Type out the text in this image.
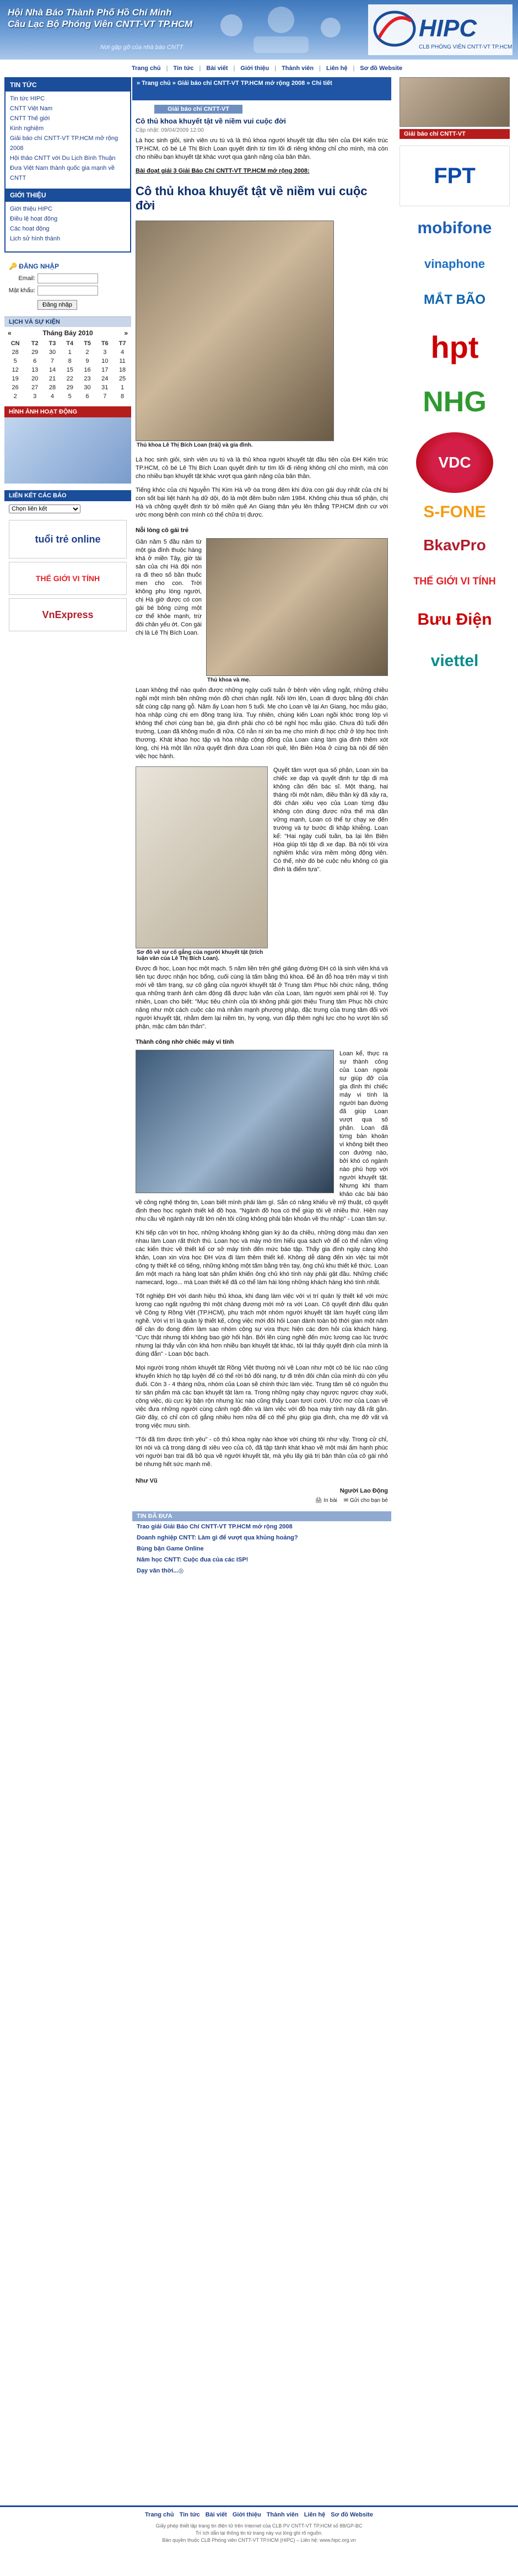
Hội Nhà Báo Thành Phố Hồ Chí Minh
Câu Lạc Bộ Phóng Viên CNTT-VT TP.HCM
Nơi gặp gỡ của nhà báo CNTT
HIPC
CLB PHÓNG VIÊN CNTT-VT TP.HCM
Trang chủ | Tin tức | Bài viết | Giới thiệu | Thành viên | Liên hệ | Sơ đồ Website
TIN TỨC
Tin tức HIPC
CNTT Việt Nam
CNTT Thế giới
Kinh nghiệm
Giải báo chí CNTT-VT TP.HCM mở rộng 2008
Hội thảo CNTT với Du Lịch Bình Thuận
Đưa Việt Nam thành quốc gia mạnh về CNTT
GIỚI THIỆU
Giới thiệu HIPC
Điều lệ hoạt động
Các hoạt động
Lịch sử hình thành
🔑 ĐĂNG NHẬP
Email:
Mật khẩu:
Đăng nhập
LỊCH VÀ SỰ KIỆN
«	Tháng Bảy 2010	»
CN	T2	T3	T4	T5	T6	T7
28	29	30	1	2	3	4
5	6	7	8	9	10	11
12	13	14	15	16	17	18
19	20	21	22	23	24	25
26	27	28	29	30	31	1
2	3	4	5	6	7	8
HÌNH ẢNH HOẠT ĐỘNG
LIÊN KẾT CÁC BÁO
Chọn liên kết
tuổi trẻ online
THẾ GIỚI VI TÍNH
VnExpress
» Trang chủ » Giải báo chí CNTT-VT TP.HCM mở rộng 2008 » Chi tiết
Giải báo chí CNTT-VT
Cô thủ khoa khuyết tật về niềm vui cuộc đời
Cập nhật: 09/04/2009 12:00

Là học sinh giỏi, sinh viên ưu tú và là thủ khoa người khuyết tật đầu tiên của ĐH Kiến trúc TP.HCM, cô bé Lê Thị Bích Loan quyết định từ tìm lối đi riêng không chỉ cho mình, mà còn cho nhiều bạn khuyết tật khác vượt qua gánh nặng của bản thân.

Bài đoạt giải 3 Giải Báo Chí CNTT-VT TP.HCM mở rộng 2008:

Cô thủ khoa khuyết tật về niềm vui cuộc đời
Thủ khoa Lê Thị Bích Loan (trái) và gia đình.

Là học sinh giỏi, sinh viên ưu tú và là thủ khoa người khuyết tật đầu tiên của ĐH Kiến trúc TP.HCM, cô bé Lê Thị Bích Loan quyết định tự tìm lối đi riêng không chỉ cho mình, mà còn cho nhiều bạn khuyết tật khác vượt qua gánh nặng của bản thân.

Tiếng khóc của chị Nguyễn Thị Kim Hà vỡ òa trong đêm khi đứa con gái duy nhất của chị bị con sốt bại liệt hành hạ dữ dội, đó là một đêm buồn năm 1984. Không chịu thua số phận, chị Hà và chồng quyết định từ bỏ miền quê An Giang thân yêu lên thẳng TP.HCM định cư với ước mong bệnh con mình có thể chữa trị được.

Nỗi lòng cô gái trẻ
Thủ khoa và mẹ.

Gần năm 5 đầu năm từ một gia đình thuộc hàng khá ở miền Tây, giờ tài sản của chị Hà đội nón ra đi theo số bần thuốc men cho con. Trời không phụ lòng người, chị Hà giờ được có con gái bé bỏng cứng một cơ thể khỏe mạnh, trừ đôi chân yếu ớt. Con gái chị là Lê Thị Bích Loan.

Loan không thể nào quên được những ngày cuối tuần ở bệnh viện vắng ngắt, những chiều ngồi một mình bên những món đồ chơi chán ngắt. Nỗi lớn lên, Loan đi được bằng đôi chân sắt cùng cặp nạng gỗ. Năm ấy Loan hơn 5 tuổi. Mẹ cho Loan về lại An Giang, học mẫu giáo, hòa nhập cùng chị em đồng trang lứa. Tuy nhiên, chúng kiến Loan ngồi khóc trong lớp vì không thể chơi cùng bạn bè, gia đình phải cho cô bé nghỉ học mẫu giáo. Chưa đủ tuổi đến trường, Loan đã không muốn đi nữa. Cô nằn nì xin ba mẹ cho mình đi học chữ ở lớp học tình thương. Khát khao học tập và hòa nhập cộng đồng của Loan càng làm gia đình thêm xót lòng, chị Hà một lần nữa quyết định đưa Loan rời quê, lên Biên Hòa ở cùng bà nội để tiện việc học hành.

Sơ đồ về sự cố gắng của người khuyết tật (trích luận văn của Lê Thị Bích Loan).

Quyết tâm vượt qua số phận, Loan xin ba chiếc xe đạp và quyết định tự tập đi mà không cần đến bác sĩ. Một tháng, hai tháng rồi một năm, điều thần kỳ đã xảy ra, đôi chân xiêu vẹo của Loan từng đậu không còn dùng được nữa thế mà dần vững mạnh, Loan có thể tự chạy xe đến trường và tự bước đi khập khiễng. Loan kể: "Hai ngày cuối tuần, ba lại lên Biên Hòa giúp tôi tập đi xe đạp. Bà nội tôi vừa nghiêm khắc vừa mềm mỏng động viên. Có thể, nhờ đó bé cuộc nếu không có gia đình là điểm tựa".

Được đi học, Loan học một mạch. 5 năm liền trên ghế giảng đường ĐH có là sinh viên khá và liên tục được nhận học bổng, cuối cùng là tấm bằng thủ khoa. Để ăn đỗ hoạ trên máy vi tính mới về tâm trạng, sự cô gắng của người khuyết tật ở Trung tâm Phục hồi chức năng, thống qua những tranh ảnh cảm động đã được luận văn của Loan, làm người xem phải rơi lệ. Tuy nhiên, Loan cho biết: "Mục tiêu chính của tôi không phải giới thiệu Trung tâm Phục hồi chức năng như một cách cuộc cảo mà nhằm mạnh phương pháp, đặc trưng của trung tâm đối với người khuyết tật, nhằm đem lại niềm tin, hy vọng, vun đắp thêm nghị lực cho họ vượt lên số phận, mặc cảm bản thân".

Thành công nhờ chiếc máy vi tính

Loan kể, thực ra sự thành công của Loan ngoài sự giúp đỡ của gia đình thì chiếc máy vi tính là người bạn đường đã giúp Loan vượt qua số phận. Loan đã từng bàn khoản vì không biết theo con đường nào, bởi khó có ngành nào phù hợp với người khuyết tật. Nhưng khi tham khảo các bài báo về công nghệ thông tin, Loan biết mình phải làm gì. Sẵn có năng khiếu về mỹ thuật, cô quyết định theo học ngành thiết kế đồ họa. "Ngành đồ họa có thể giúp tôi về nhiều thứ. Hiện nay nhu cầu về ngành này rất lớn nên tôi cũng không phải bận khoản về thu nhập" - Loan tâm sự.

Khi tiếp cận với tin học, những khoảng không gian kỳ ảo đa chiều, những dòng màu đan xen nhau làm Loan rất thích thú. Loan học và mày mò tìm hiểu qua sách vở để có thể nắm vững các kiến thức về thiết kế cơ sở máy tính đến mức báo tập. Thấy gia đình ngày càng khó khăn, Loan xin vừa học ĐH vừa đi làm thêm thiết kế. Không dễ dàng đến xin việc tại một công ty thiết kế có tiếng, những không một tấm bằng trên tay, ông chủ khu thiết kế thức. Loan ấm một mạch ra hàng loạt sản phẩm khiến ông chủ khó tính này phải gật đầu. Những chiếc namecard, logo... mà Loan thiết kế đã có thể làm hài lòng những khách hàng khó tính nhất.

Tốt nghiệp ĐH với danh hiệu thủ khoa, khi đang làm việc với vị trí quản lý thiết kế với mức lương cao ngất ngưởng thì một chàng đương mới mở ra với Loan. Cô quyết định đầu quân về Công ty Rồng Việt (TP.HCM), phụ trách một nhóm người khuyết tật làm huyết cùng lắm nghề. Với vị trí là quản lý thiết kế, công việc mới đôi hỏi Loan dành toàn bộ thời gian một năm để cân đo đong đếm làm sao nhóm cộng sự vừa thực hiện các đơn hỏi của khách hàng. "Cực thật nhưng tôi không bao giờ hối hận. Bởi lẽn cùng nghề đến mức lương cao lúc trước nhưng lại thấy vẫn còn khá hơn nhiều bạn khuyết tật khác, tôi lại thấy quyết định của mình là đúng đắn" - Loan bộc bạch.

Mọi người trong nhóm khuyết tật Rồng Việt thường nói về Loan như một cô bé lúc nào cũng khuyến khích họ tập luyện để có thể rời bỏ đôi nạng, tự đi trên đôi chân của mình dù còn yếu đuối. Còn 3 - 4 tháng nữa, nhóm của Loan sẽ chính thức làm việc. Trung tâm sẽ có nguồn thu từ sản phẩm mà các bạn khuyết tật làm ra. Trong những ngày chạy ngược ngược chạy xuôi, công việc, dù cực kỳ bận rộn nhưng lúc nào cũng thấy Loan tươi cười. Ước mơ của Loan về việc đưa những người cùng cảnh ngộ đến và làm việc với đồ họa máy tính nay đã rất gần. Giờ đây, có chỉ còn cố gắng nhiều hơn nữa để có thể phụ giúp gia đình, cha mẹ đỡ vất vả trong việc mưu sinh.

"Tôi đã tìm được tình yêu" - cô thủ khoa ngày nào khoe với chúng tôi như vậy. Trong cử chỉ, lời nói và cả trong dáng đi xiêu vẹo của cô, đã tập tành khát khao về một mái ấm hạnh phúc với người bạn trai đã bỏ qua về người khuyết tật, mà yêu lấy giá trị bản thân của cô gái nhỏ bé nhưng hết sức mạnh mẽ.

Như Vũ
Người Lao Động
🖨 In bài ✉ Gửi cho bạn bè
TIN ĐÃ ĐƯA
Trao giải Giải Báo Chí CNTT-VT TP.HCM mở rộng 2008
Doanh nghiệp CNTT: Làm gì để vượt qua khủng hoảng?
Bùng bận Game Online
Năm học CNTT: Cuộc đua của các ISP!
Dạy văn thời...◎
Giải báo chí CNTT-VT
FPT
mobifone
vinaphone
MẮT BÃO
hpt
NHG
VDC
S-FONE
BkavPro
THẾ GIỚI VI TÍNH
Bưu Điện
viettel
Trang chủ Tin tức Bài viết Giới thiệu Thành viên Liên hệ Sơ đồ Website
Giấy phép thiết lập trang tin điện tử trên Internet của CLB PV CNTT-VT TP.HCM số 88/GP-BC
Trí ích dẫn lại thông tin từ trang này vui lòng ghi rõ nguồn.
Bản quyền thuộc CLB Phóng viên CNTT-VT TP.HCM (HIPC) – Liên hệ: www.hipc.org.vn
